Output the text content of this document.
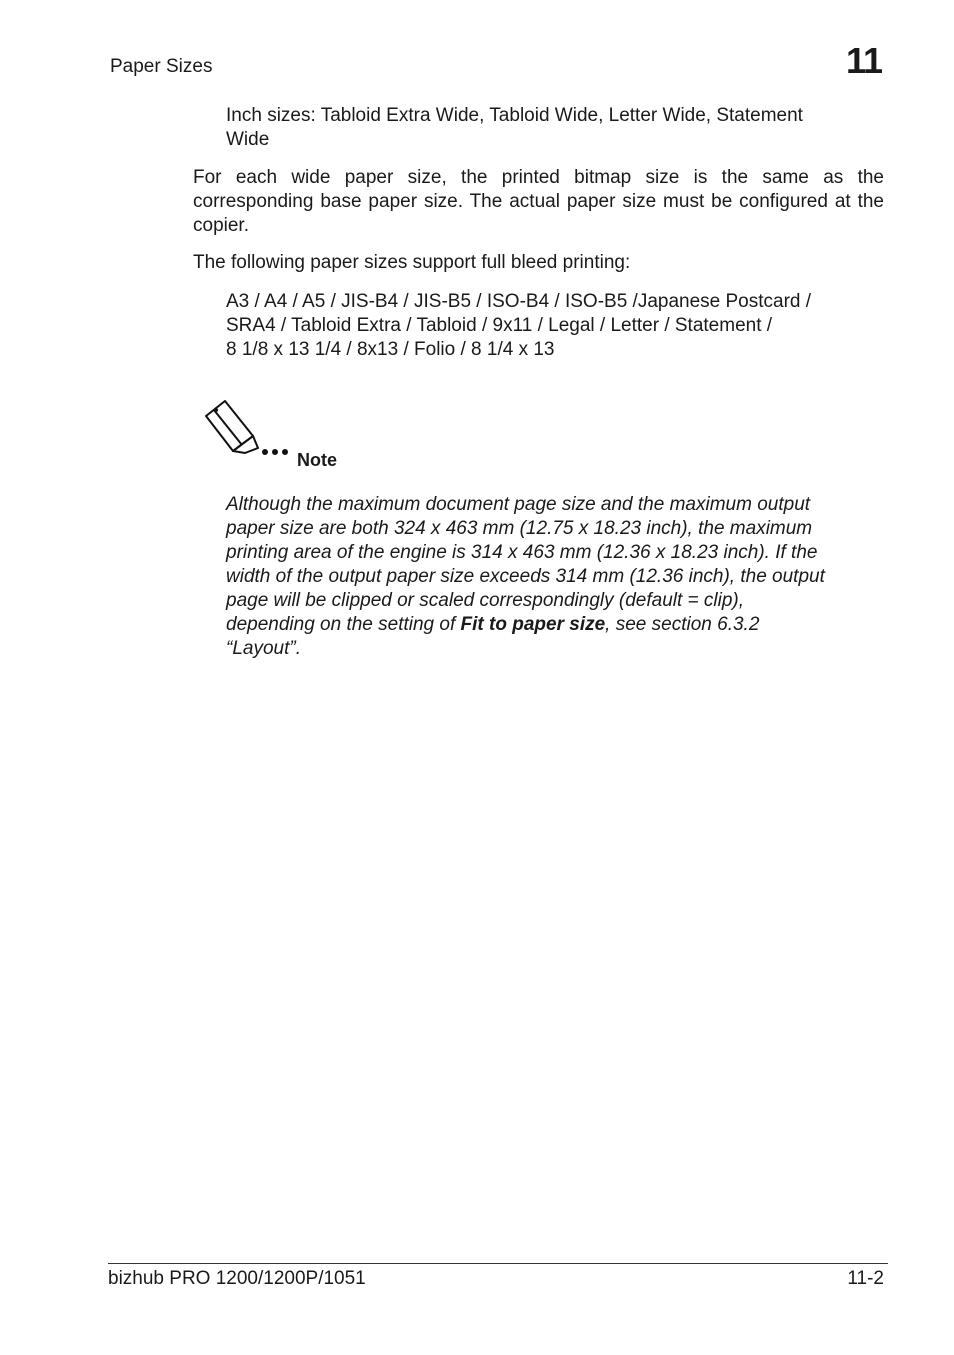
Paper Sizes	11
Inch sizes: Tabloid Extra Wide, Tabloid Wide, Letter Wide, Statement
Wide

For each wide paper size, the printed bitmap size is the same as the corresponding base paper size. The actual paper size must be configured at the copier.

The following paper sizes support full bleed printing:

A3 / A4 / A5 / JIS-B4 / JIS-B5 / ISO-B4 / ISO-B5 /Japanese Postcard /
SRA4 / Tabloid Extra / Tabloid / 9x11 / Legal / Letter / Statement /
8 1/8 x 13 1/4 / 8x13 / Folio / 8 1/4 x 13
Note
Although the maximum document page size and the maximum output
paper size are both 324 x 463 mm (12.75 x 18.23 inch), the maximum
printing area of the engine is 314 x 463 mm (12.36 x 18.23 inch). If the
width of the output paper size exceeds 314 mm (12.36 inch), the output
page will be clipped or scaled correspondingly (default = clip),
depending on the setting of Fit to paper size, see section 6.3.2
“Layout”.
bizhub PRO 1200/1200P/1051	11-2
